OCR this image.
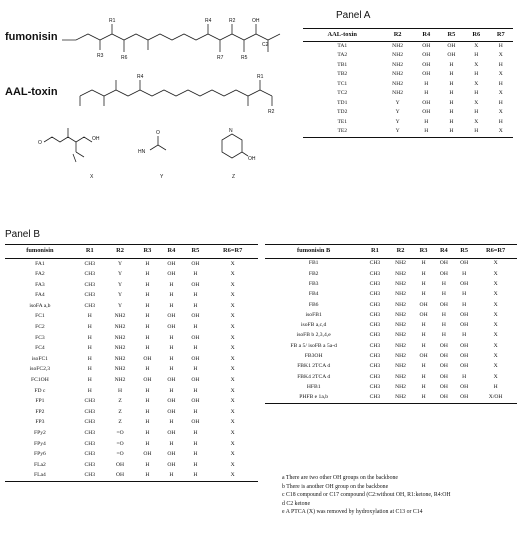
fumonisin
AAL-toxin
R1	R2
R3
R4
R5
R6	R7
OH
C2
R2
R4	R1
O
OH
HN
O	N
OH
X	Y	Z
Panel A
AAL-toxin	R2	R4	R5	R6	R7
TA1	NH2	OH	OH	X	H
TA2	NH2	OH	OH	H	X
TB1	NH2	OH	H	X	H
TB2	NH2	OH	H	H	X
TC1	NH2	H	H	X	H
TC2	NH2	H	H	H	X
TD1	Y	OH	H	X	H
TD2	Y	OH	H	H	X
TE1	Y	H	H	X	H
TE2	Y	H	H	H	X
Panel B
fumonisin	R1	R2	R3	R4	R5	R6=R7
FA1	CH3	Y	H	OH	OH	X
FA2	CH3	Y	H	OH	H	X
FA3	CH3	Y	H	H	OH	X
FA4	CH3	Y	H	H	H	X
isoFA a,b	CH3	Y	H	H	H	X
FC1	H	NH2	H	OH	OH	X
FC2	H	NH2	H	OH	H	X
FC3	H	NH2	H	H	OH	X
FC4	H	NH2	H	H	H	X
isoFC1	H	NH2	OH	H	OH	X
isoFC2,3	H	NH2	H	H	H	X
FC1OH	H	NH2	OH	OH	OH	X
FD c	H	H	H	H	H	X
FP1	CH3	Z	H	OH	OH	X
FP2	CH3	Z	H	OH	H	X
FP3	CH3	Z	H	H	OH	X
FPy2	CH3	=O	H	OH	H	X
FPy4	CH3	=O	H	H	H	X
FPy6	CH3	=O	OH	OH	H	X
FLa2	CH3	OH	H	OH	H	X
FLa4	CH3	OH	H	H	H	X
fumonisin B	R1	R2	R3	R4	R5	R6=R7
FB1	CH3	NH2	H	OH	OH	X
FB2	CH3	NH2	H	OH	H	X
FB3	CH3	NH2	H	H	OH	X
FB4	CH3	NH2	H	H	H	X
FB6	CH3	NH2	OH	OH	H	X
isoFB1	CH3	NH2	OH	H	OH	X
isoFB a,c,d	CH3	NH2	H	H	OH	X
isoFB b 2,3,4,e	CH3	NH2	H	H	H	X
FB a 5/ isoFB a 5a-d	CH3	NH2	H	OH	OH	X
FB3OH	CH3	NH2	OH	OH	OH	X
FBK1 2TCA d	CH3	NH2	H	OH	OH	X
FBK4 2TCA d	CH3	NH2	H	OH	H	X
HFB1	CH3	NH2	H	OH	OH	H
PHFB e 1a,b	CH3	NH2	H	OH	OH	X/OH
a There are two other OH groups on the backbone
b There is another OH group on the backbone
c C18 compound or C17 compound (C2:without OH, R1:ketone, R4:OH
d C2 ketone
e A PTCA (X) was removed by hydroxylation at C13 or C14
